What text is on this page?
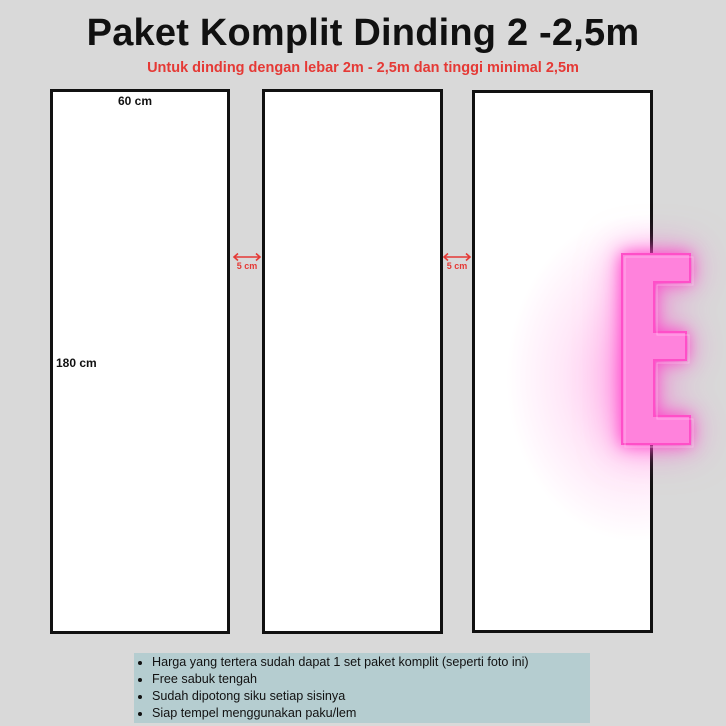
Paket Komplit Dinding 2 -2,5m
Untuk dinding dengan lebar 2m - 2,5m dan tinggi minimal 2,5m
60 cm
180 cm
5 cm	5 cm
• Harga yang tertera sudah dapat 1 set paket komplit (seperti foto ini)
• Free sabuk tengah
• Sudah dipotong siku setiap sisinya
• Siap tempel menggunakan paku/lem
